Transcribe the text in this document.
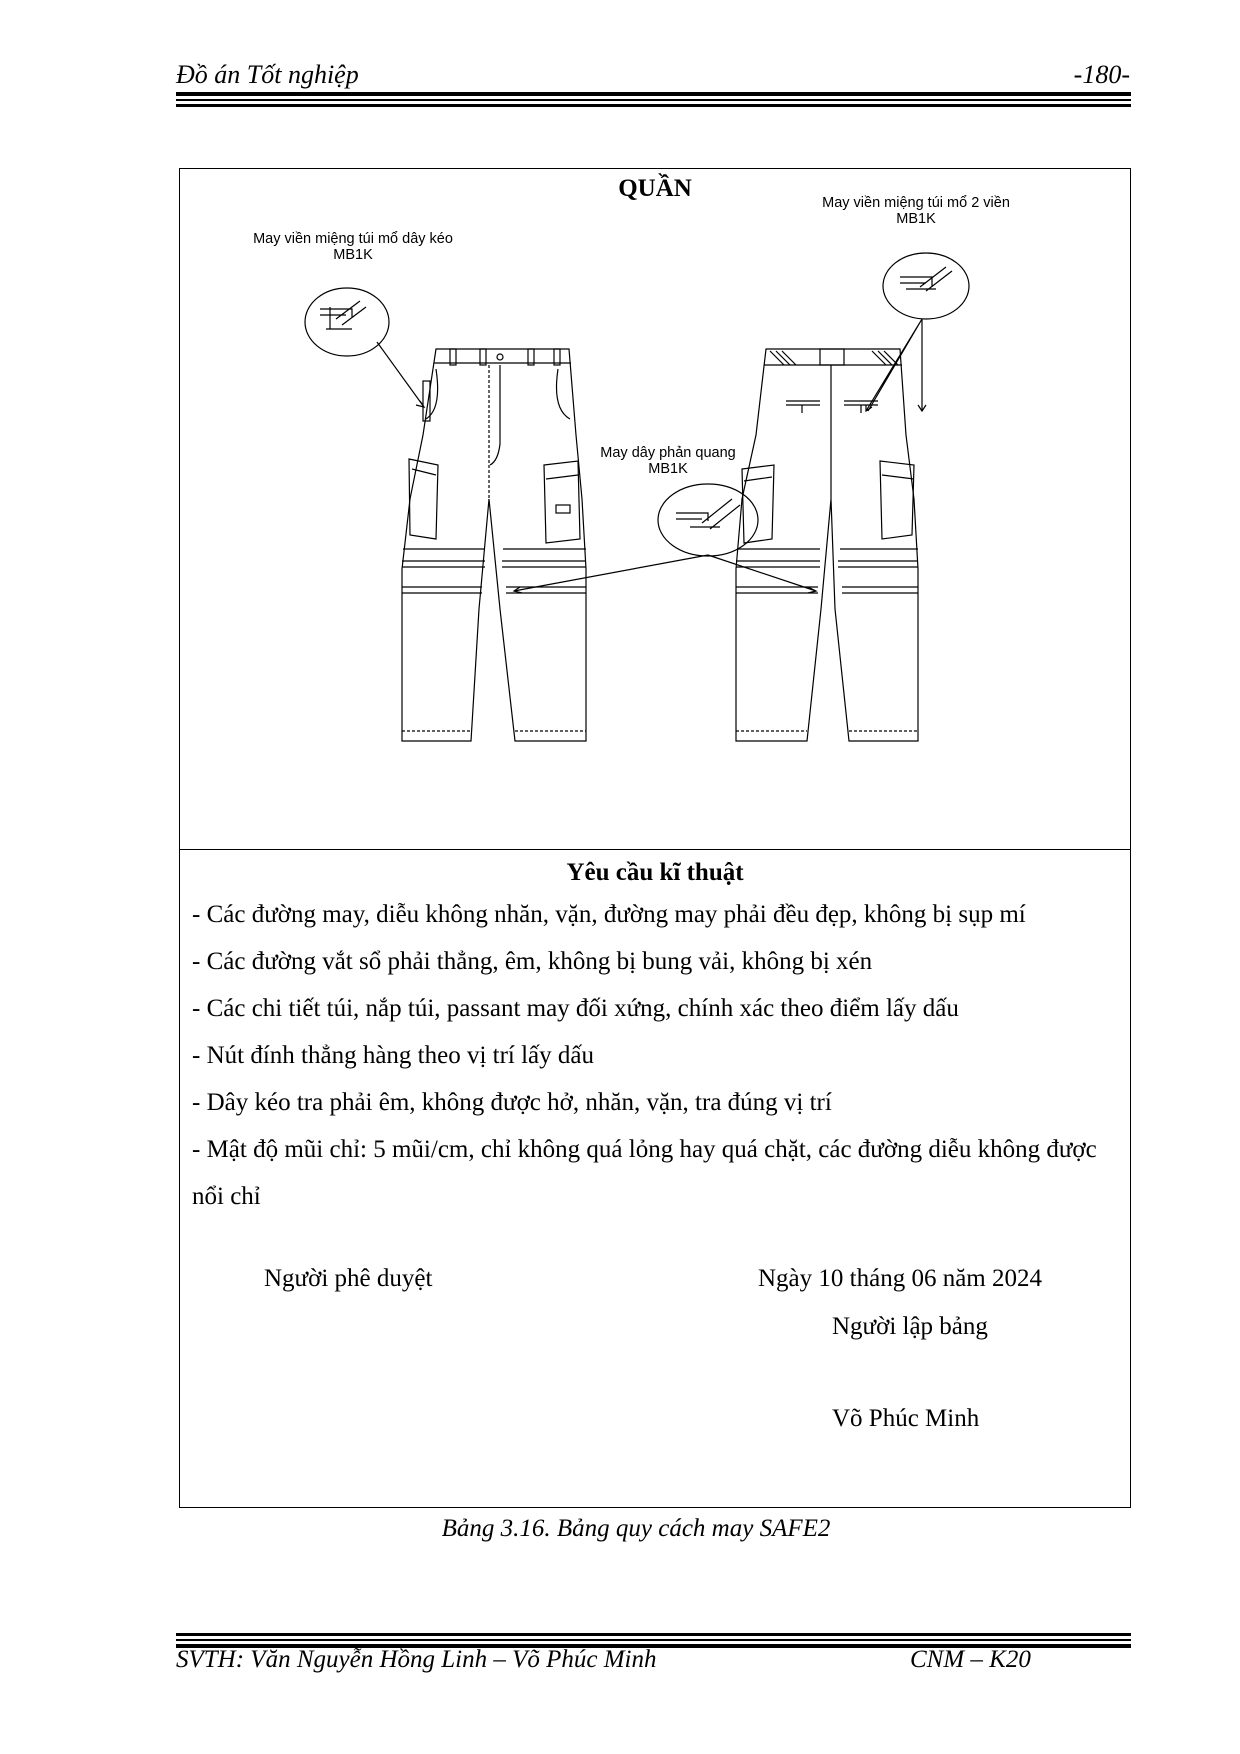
Đồ án Tốt nghiệp	-180-
QUẦN
May viền miệng túi mổ dây kéo
MB1K
May viền miệng túi mổ 2 viền
MB1K
May dây phản quang
MB1K
Yêu cầu kĩ thuật
- Các đường may, diễu không nhăn, vặn, đường may phải đều đẹp, không bị sụp mí
- Các đường vắt sổ phải thẳng, êm, không bị bung vải, không bị xén
- Các chi tiết túi, nắp túi, passant may đối xứng, chính xác theo điểm lấy dấu
- Nút đính thẳng hàng theo vị trí lấy dấu
- Dây kéo tra phải êm, không được hở, nhăn, vặn, tra đúng vị trí
- Mật độ mũi chỉ: 5 mũi/cm, chỉ không quá lỏng hay quá chặt, các đường diễu không được nổi chỉ
Người phê duyệt	Ngày 10 tháng 06 năm 2024
Người lập bảng
Võ Phúc Minh
Bảng 3.16. Bảng quy cách may SAFE2
SVTH: Văn Nguyễn Hồng Linh – Võ Phúc Minh	CNM – K20
